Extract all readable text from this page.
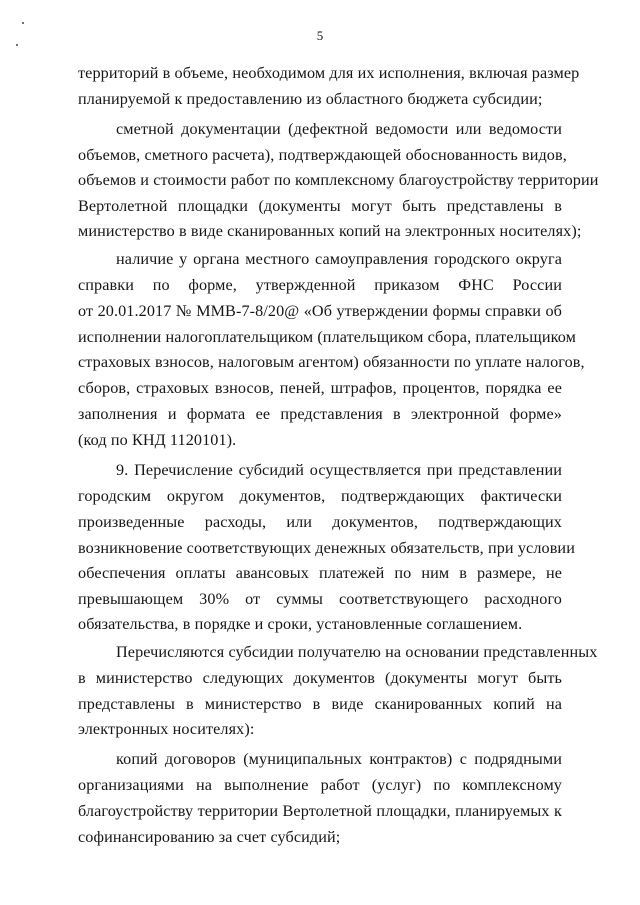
5
территорий в объеме, необходимом для их исполнения, включая размер
планируемой к предоставлению из областного бюджета субсидии;
сметной документации (дефектной ведомости или ведомости
объемов, сметного расчета), подтверждающей обоснованность видов,
объемов и стоимости работ по комплексному благоустройству территории
Вертолетной площадки (документы могут быть представлены в
министерство в виде сканированных копий на электронных носителях);
наличие у органа местного самоуправления городского округа
справки по форме, утвержденной приказом ФНС России
от 20.01.2017 № ММВ-7-8/20@ «Об утверждении формы справки об
исполнении налогоплательщиком (плательщиком сбора, плательщиком
страховых взносов, налоговым агентом) обязанности по уплате налогов,
сборов, страховых взносов, пеней, штрафов, процентов, порядка ее
заполнения и формата ее представления в электронной форме»
(код по КНД 1120101).
9. Перечисление субсидий осуществляется при представлении
городским округом документов, подтверждающих фактически
произведенные расходы, или документов, подтверждающих
возникновение соответствующих денежных обязательств, при условии
обеспечения оплаты авансовых платежей по ним в размере, не
превышающем 30% от суммы соответствующего расходного
обязательства, в порядке и сроки, установленные соглашением.
Перечисляются субсидии получателю на основании представленных
в министерство следующих документов (документы могут быть
представлены в министерство в виде сканированных копий на
электронных носителях):
копий договоров (муниципальных контрактов) с подрядными
организациями на выполнение работ (услуг) по комплексному
благоустройству территории Вертолетной площадки, планируемых к
софинансированию за счет субсидий;
